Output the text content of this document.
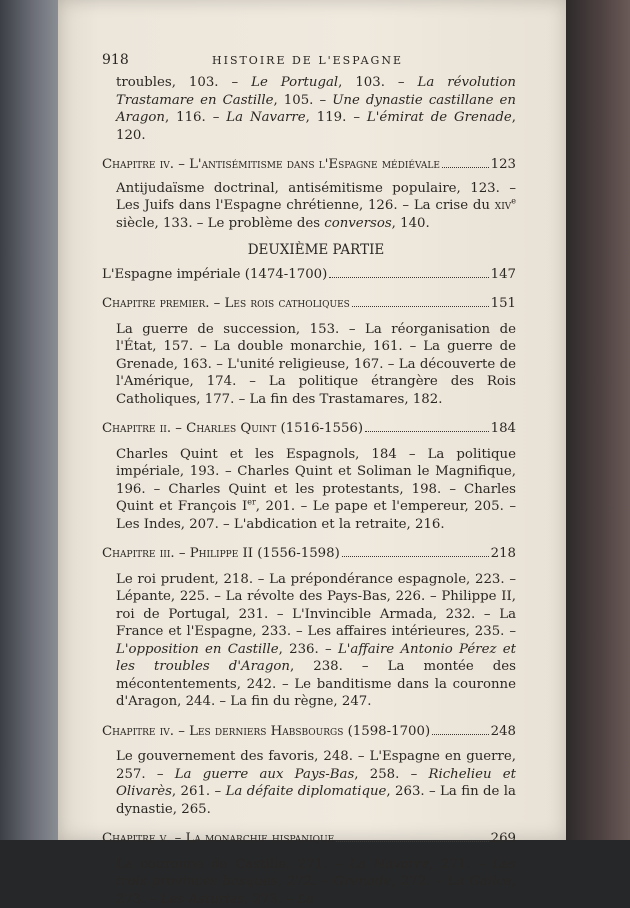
918	HISTOIRE DE L'ESPAGNE

troubles, 103. – Le Portugal, 103. – La révolution Trastamare en Castille, 105. – Une dynastie castillane en Aragon, 116. – La Navarre, 119. – L'émirat de Grenade, 120.

Chapitre iv. – L'antisémitisme dans l'Espagne médiévale	123

Antijudaïsme doctrinal, antisémitisme populaire, 123. – Les Juifs dans l'Espagne chrétienne, 126. – La crise du xiv$^e$ siècle, 133. – Le problème des conversos, 140.

DEUXIÈME PARTIE
L'Espagne impériale (1474-1700)	147
Chapitre premier. – Les rois catholiques	151

La guerre de succession, 153. – La réorganisation de l'État, 157. – La double monarchie, 161. – La guerre de Grenade, 163. – L'unité religieuse, 167. – La découverte de l'Amérique, 174. – La politique étrangère des Rois Catholiques, 177. – La fin des Trastamares, 182.

Chapitre ii. – Charles Quint (1516-1556)	184

Charles Quint et les Espagnols, 184 – La politique impériale, 193. – Charles Quint et Soliman le Magnifique, 196. – Charles Quint et les protestants, 198. – Charles Quint et François Ier, 201. – Le pape et l'empereur, 205. – Les Indes, 207. – L'abdication et la retraite, 216.

Chapitre iii. – Philippe II (1556-1598)	218

Le roi prudent, 218. – La prépondérance espagnole, 223. – Lépante, 225. – La révolte des Pays-Bas, 226. – Philippe II, roi de Portugal, 231. – L'Invincible Armada, 232. – La France et l'Espagne, 233. – Les affaires intérieures, 235. – L'opposition en Castille, 236. – L'affaire Antonio Pérez et les troubles d'Aragon, 238. – La montée des mécontentements, 242. – Le banditisme dans la couronne d'Aragon, 244. – La fin du règne, 247.

Chapitre iv. – Les derniers Habsbourgs (1598-1700)	248

Le gouvernement des favoris, 248. – L'Espagne en guerre, 257. – La guerre aux Pays-Bas, 258. – Richelieu et Olivarès, 261. – La défaite diplomatique, 263. – La fin de la dynastie, 265.

Chapitre v. – La monarchie hispanique	269

La couronne de Castille, 271. – La Navarre, 271. – Les trois provinces basques, 272. – Grenade, 272. – La Galice, 273. – Les Asturies, 273. – La
